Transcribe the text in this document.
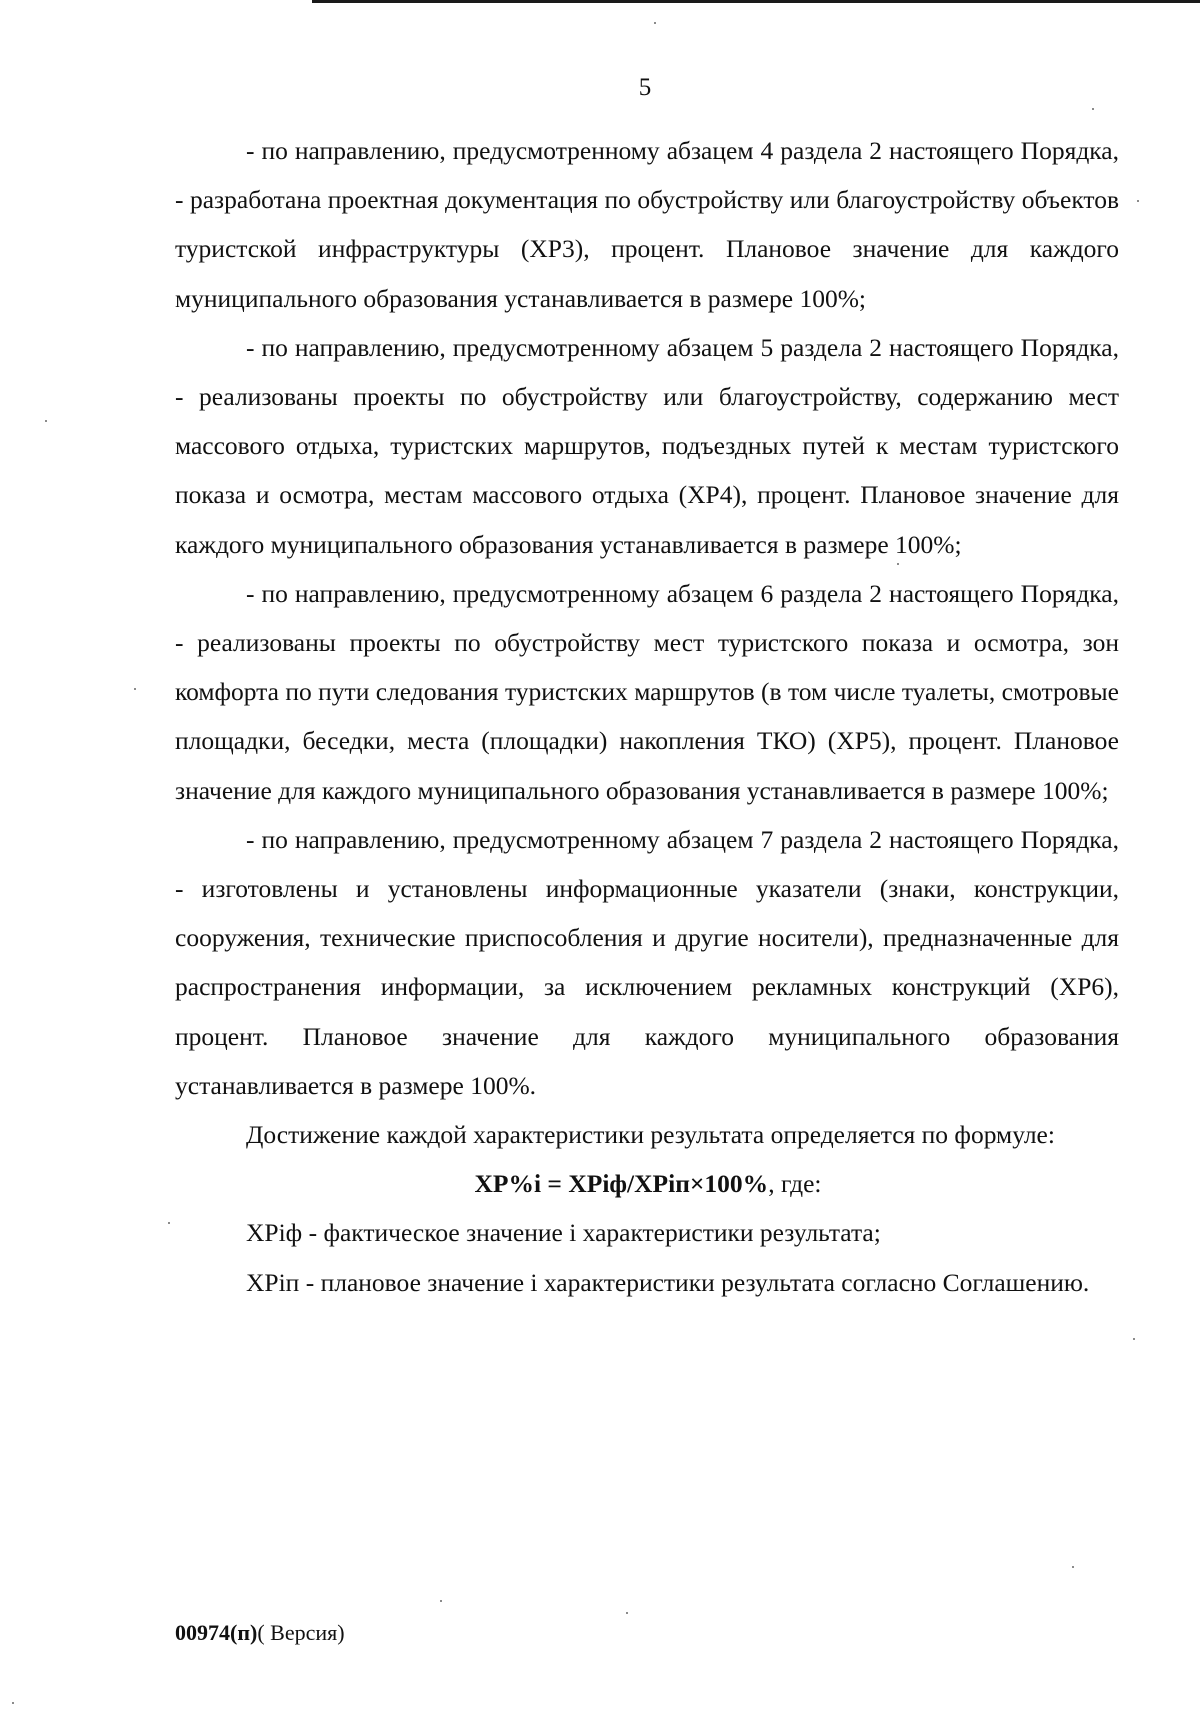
5

- по направлению, предусмотренному абзацем 4 раздела 2 настоящего Порядка, - разработана проектная документация по обустройству или благоустройству объектов туристской инфраструктуры (ХР3), процент. Плановое значение для каждого муниципального образования устанавливается в размере 100%;

- по направлению, предусмотренному абзацем 5 раздела 2 настоящего Порядка, - реализованы проекты по обустройству или благоустройству, содержанию мест массового отдыха, туристских маршрутов, подъездных путей к местам туристского показа и осмотра, местам массового отдыха (ХР4), процент. Плановое значение для каждого муниципального образования устанавливается в размере 100%;

- по направлению, предусмотренному абзацем 6 раздела 2 настоящего Порядка, - реализованы проекты по обустройству мест туристского показа и осмотра, зон комфорта по пути следования туристских маршрутов (в том числе туалеты, смотровые площадки, беседки, места (площадки) накопления ТКО) (ХР5), процент. Плановое значение для каждого муниципального образования устанавливается в размере 100%;

- по направлению, предусмотренному абзацем 7 раздела 2 настоящего Порядка, - изготовлены и установлены информационные указатели (знаки, конструкции, сооружения, технические приспособления и другие носители), предназначенные для распространения информации, за исключением рекламных конструкций (ХР6), процент. Плановое значение для каждого муниципального образования устанавливается в размере 100%.

Достижение каждой характеристики результата определяется по формуле:

ХР%і = ХРіф/ХРіп×100%, где:

ХРіф - фактическое значение і характеристики результата;

ХРіп - плановое значение і характеристики результата согласно Соглашению.

00974(п)( Версия)
